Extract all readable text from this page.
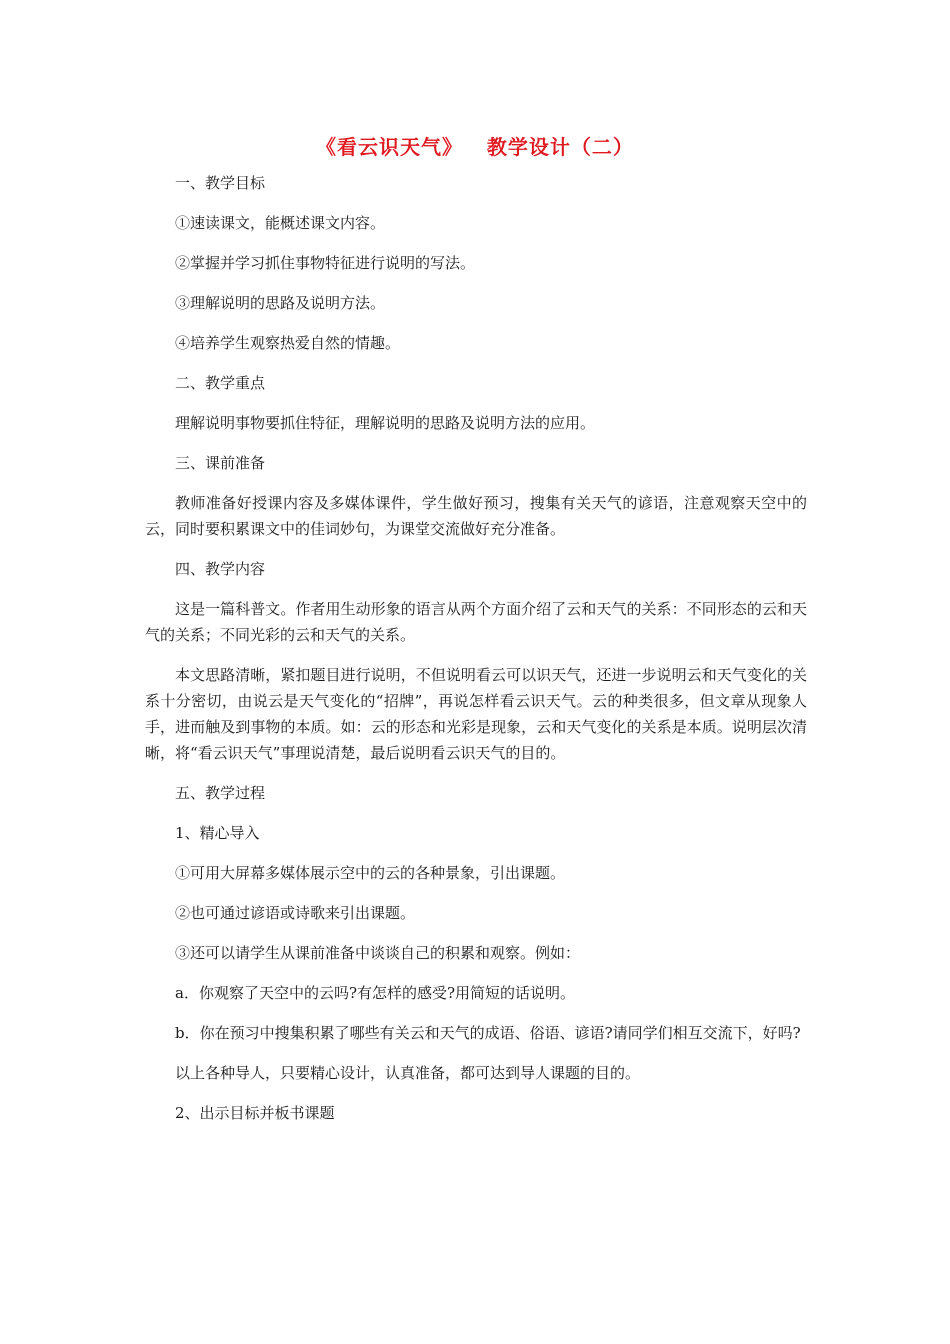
《看云识天气》   教学设计（二）

一、教学目标

①速读课文，能概述课文内容。

②掌握并学习抓住事物特征进行说明的写法。

③理解说明的思路及说明方法。

④培养学生观察热爱自然的情趣。

二、教学重点

理解说明事物要抓住特征，理解说明的思路及说明方法的应用。

三、课前准备

教师准备好授课内容及多媒体课件，学生做好预习，搜集有关天气的谚语，注意观察天空中的云，同时要积累课文中的佳词妙句，为课堂交流做好充分准备。

四、教学内容

这是一篇科普文。作者用生动形象的语言从两个方面介绍了云和天气的关系：不同形态的云和天气的关系；不同光彩的云和天气的关系。

本文思路清晰，紧扣题目进行说明，不但说明看云可以识天气，还进一步说明云和天气变化的关系十分密切，由说云是天气变化的“招牌”，再说怎样看云识天气。云的种类很多，但文章从现象人手，进而触及到事物的本质。如：云的形态和光彩是现象，云和天气变化的关系是本质。说明层次清晰，将“看云识天气”事理说清楚，最后说明看云识天气的目的。

五、教学过程

1、精心导入

①可用大屏幕多媒体展示空中的云的各种景象，引出课题。

②也可通过谚语或诗歌来引出课题。

③还可以请学生从课前准备中谈谈自己的积累和观察。例如：

a．你观察了天空中的云吗?有怎样的感受?用简短的话说明。

b．你在预习中搜集积累了哪些有关云和天气的成语、俗语、谚语?请同学们相互交流下，好吗?

以上各种导人，只要精心设计，认真准备，都可达到导人课题的目的。

2、出示目标并板书课题
